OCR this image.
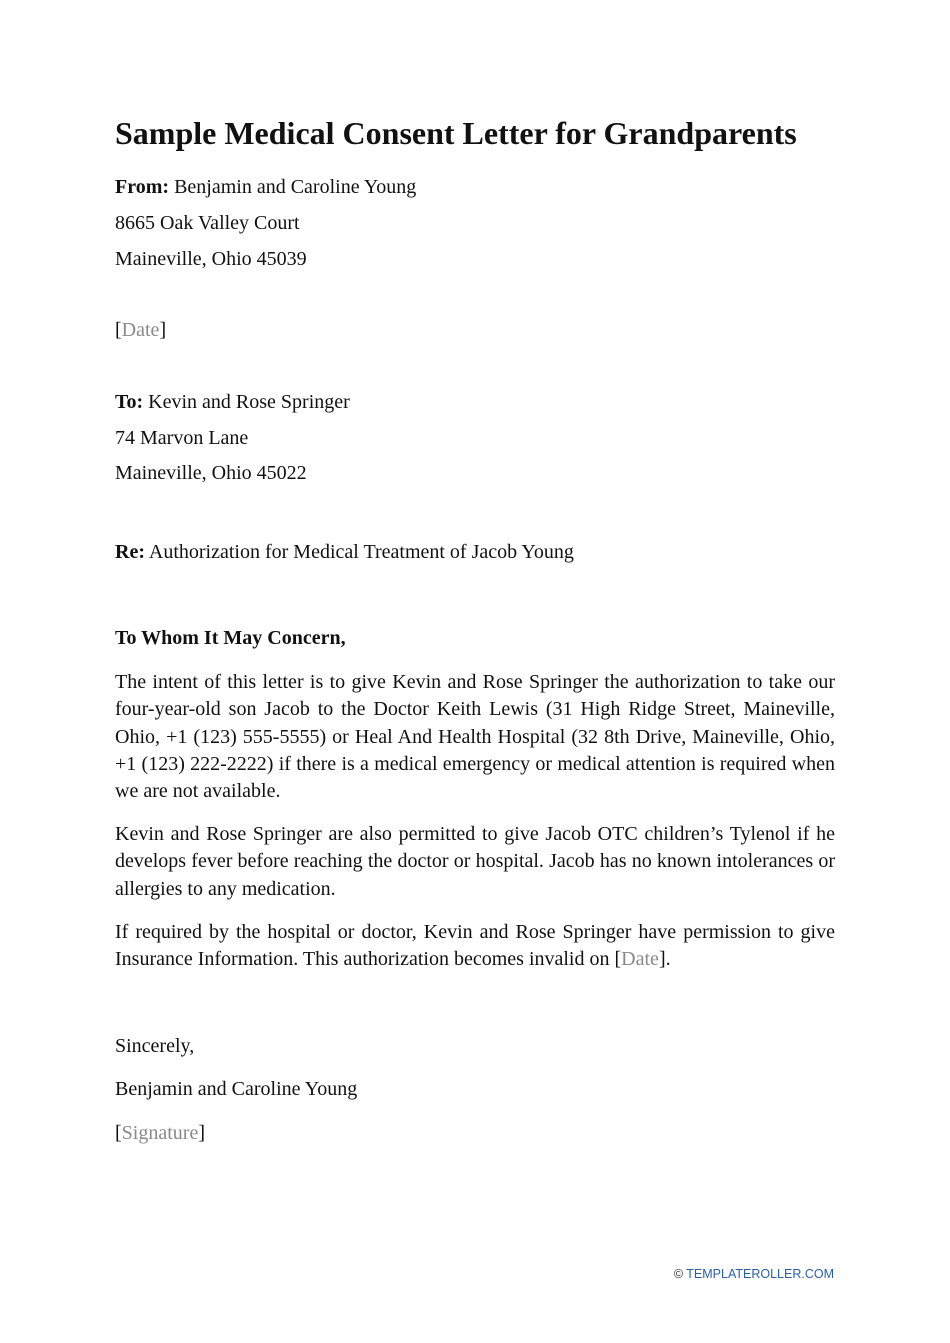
Sample Medical Consent Letter for Grandparents
From: Benjamin and Caroline Young
8665 Oak Valley Court
Maineville, Ohio 45039
[Date]
To: Kevin and Rose Springer
74 Marvon Lane
Maineville, Ohio 45022
Re: Authorization for Medical Treatment of Jacob Young
To Whom It May Concern,
The intent of this letter is to give Kevin and Rose Springer the authorization to take our four-year-old son Jacob to the Doctor Keith Lewis (31 High Ridge Street, Maineville, Ohio, +1 (123) 555-5555) or Heal And Health Hospital (32 8th Drive, Maineville, Ohio, +1 (123) 222-2222) if there is a medical emergency or medical attention is required when we are not available.
Kevin and Rose Springer are also permitted to give Jacob OTC children’s Tylenol if he develops fever before reaching the doctor or hospital. Jacob has no known intolerances or allergies to any medication.
If required by the hospital or doctor, Kevin and Rose Springer have permission to give Insurance Information. This authorization becomes invalid on [Date].
Sincerely,
Benjamin and Caroline Young
[Signature]
© TEMPLATEROLLER.COM
